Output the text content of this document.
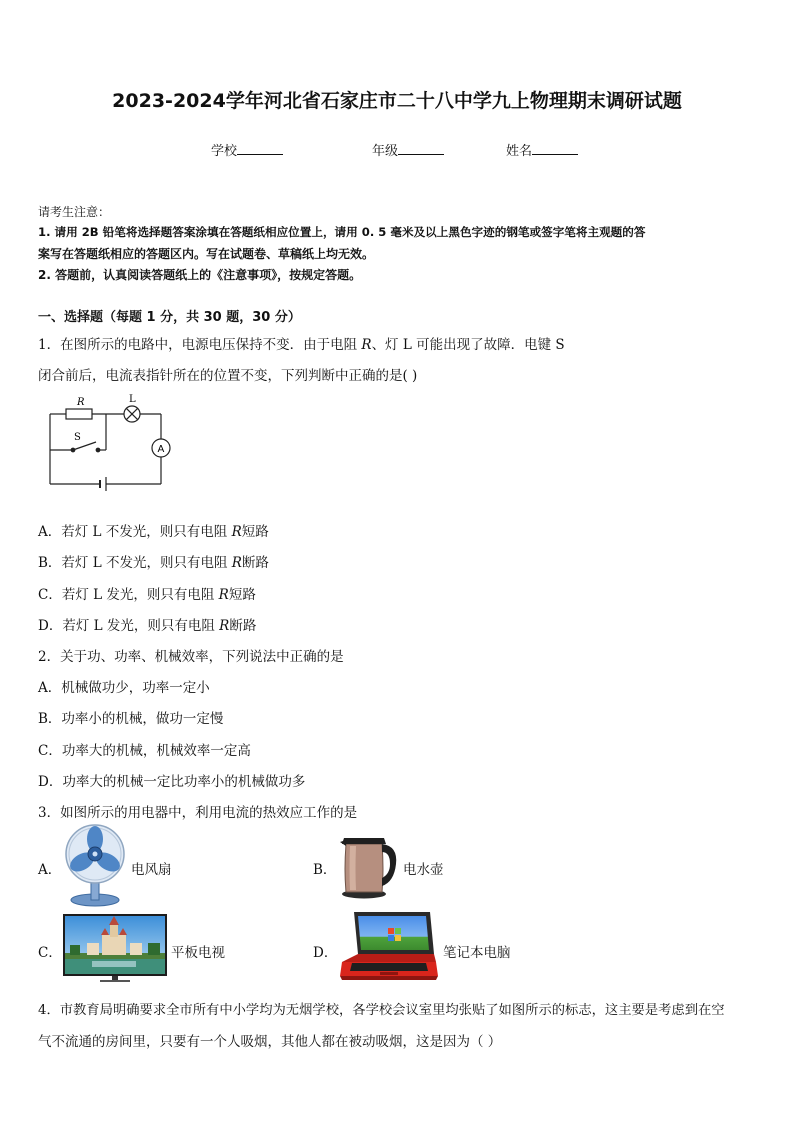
2023-2024学年河北省石家庄市二十八中学九上物理期末调研试题
学校	年级	姓名
请考生注意：
1. 请用 2B 铅笔将选择题答案涂填在答题纸相应位置上，请用 0. 5 毫米及以上黑色字迹的钢笔或签字笔将主观题的答
案写在答题纸相应的答题区内。写在试题卷、草稿纸上均无效。
2. 答题前，认真阅读答题纸上的《注意事项》，按规定答题。
一、选择题（每题 1 分，共 30 题，30 分）
1．在图所示的电路中，电源电压保持不变．由于电阻 R、灯 L 可能出现了故障．电键 S
闭合前后，电流表指针所在的位置不变，下列判断中正确的是( )
R	L
S
A
A．若灯 L 不发光，则只有电阻 R短路
B．若灯 L 不发光，则只有电阻 R断路
C．若灯 L 发光，则只有电阻 R短路
D．若灯 L 发光，则只有电阻 R断路
2．关于功、功率、机械效率，下列说法中正确的是
A．机械做功少，功率一定小
B．功率小的机械，做功一定慢
C．功率大的机械，机械效率一定高
D．功率大的机械一定比功率小的机械做功多
3．如图所示的用电器中，利用电流的热效应工作的是
A．	电风扇	B．	电水壶
C．	平板电视	D．	笔记本电脑
4．市教育局明确要求全市所有中小学均为无烟学校，各学校会议室里均张贴了如图所示的标志，这主要是考虑到在空
气不流通的房间里，只要有一个人吸烟，其他人都在被动吸烟，这是因为（ ）
